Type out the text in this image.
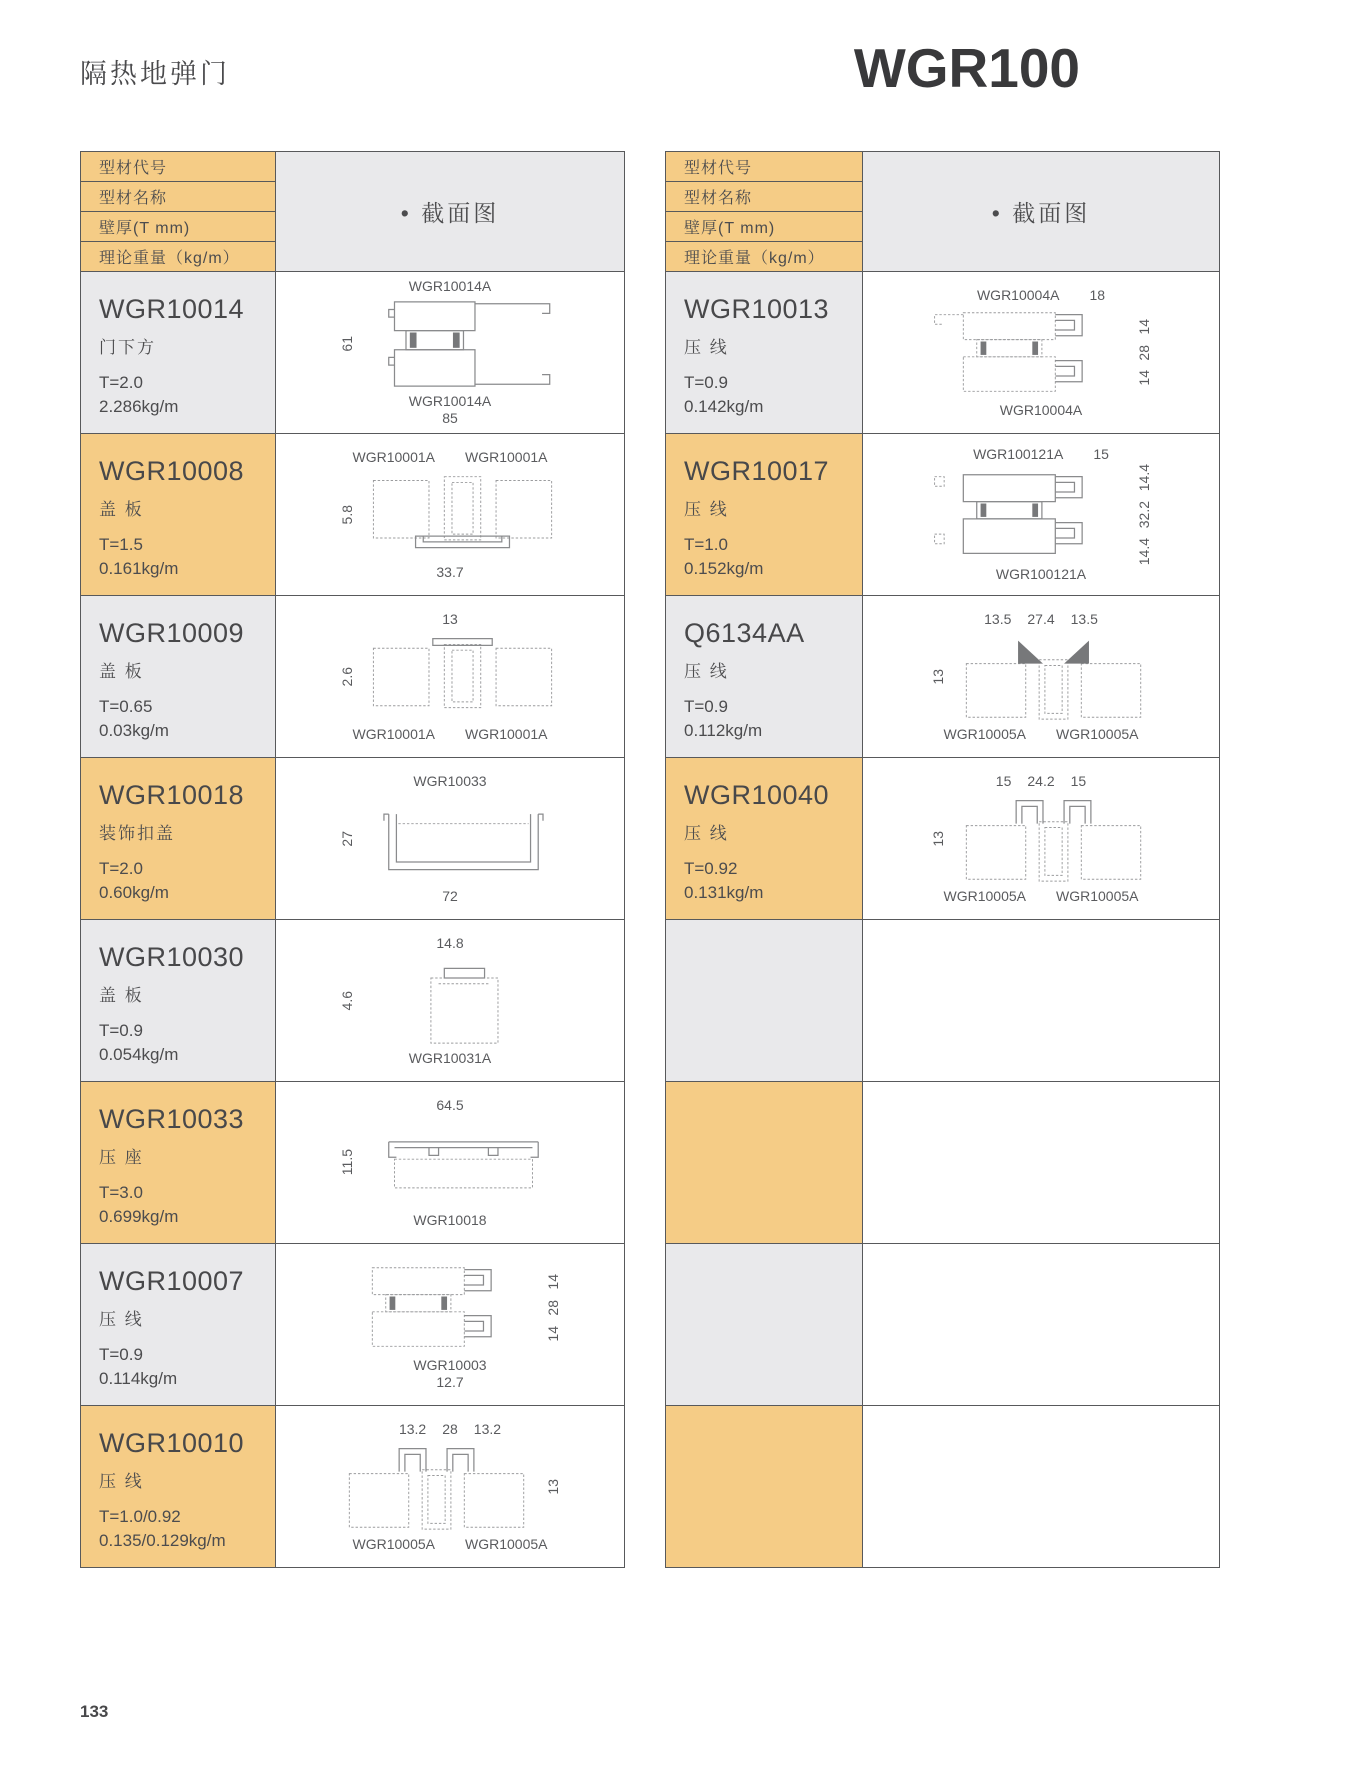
隔热地弹门	WGR100
型材代号
型材名称
壁厚(T mm)
理论重量（kg/m）
• 截面图
WGR10014
门下方
T=2.0
2.286kg/m
WGR10014A
61
WGR10014A
85
WGR10008
盖 板
T=1.5
0.161kg/m
WGR10001A WGR10001A
5.8
33.7
WGR10009
盖 板
T=0.65
0.03kg/m
13
2.6
WGR10001A WGR10001A
WGR10018
装饰扣盖
T=2.0
0.60kg/m
WGR10033
27
72
WGR10030
盖 板
T=0.9
0.054kg/m
14.8
4.6
WGR10031A
WGR10033
压 座
T=3.0
0.699kg/m
64.5
11.5
WGR10018
WGR10007
压 线
T=0.9
0.114kg/m
14
28
14
WGR10003
12.7
WGR10010
压 线
T=1.0/0.92
0.135/0.129kg/m
13.2 28 13.2
13
WGR10005A WGR10005A
型材代号
型材名称
壁厚(T mm)
理论重量（kg/m）
• 截面图
WGR10013
压 线
T=0.9
0.142kg/m
WGR10004A 18
14
28
14
WGR10004A
WGR10017
压 线
T=1.0
0.152kg/m
WGR100121A 15
14.4
32.2
14.4
WGR100121A
Q6134AA
压 线
T=0.9
0.112kg/m
13.5 27.4 13.5
13
WGR10005A WGR10005A
WGR10040
压 线
T=0.92
0.131kg/m
15 24.2 15
13
WGR10005A WGR10005A
133
